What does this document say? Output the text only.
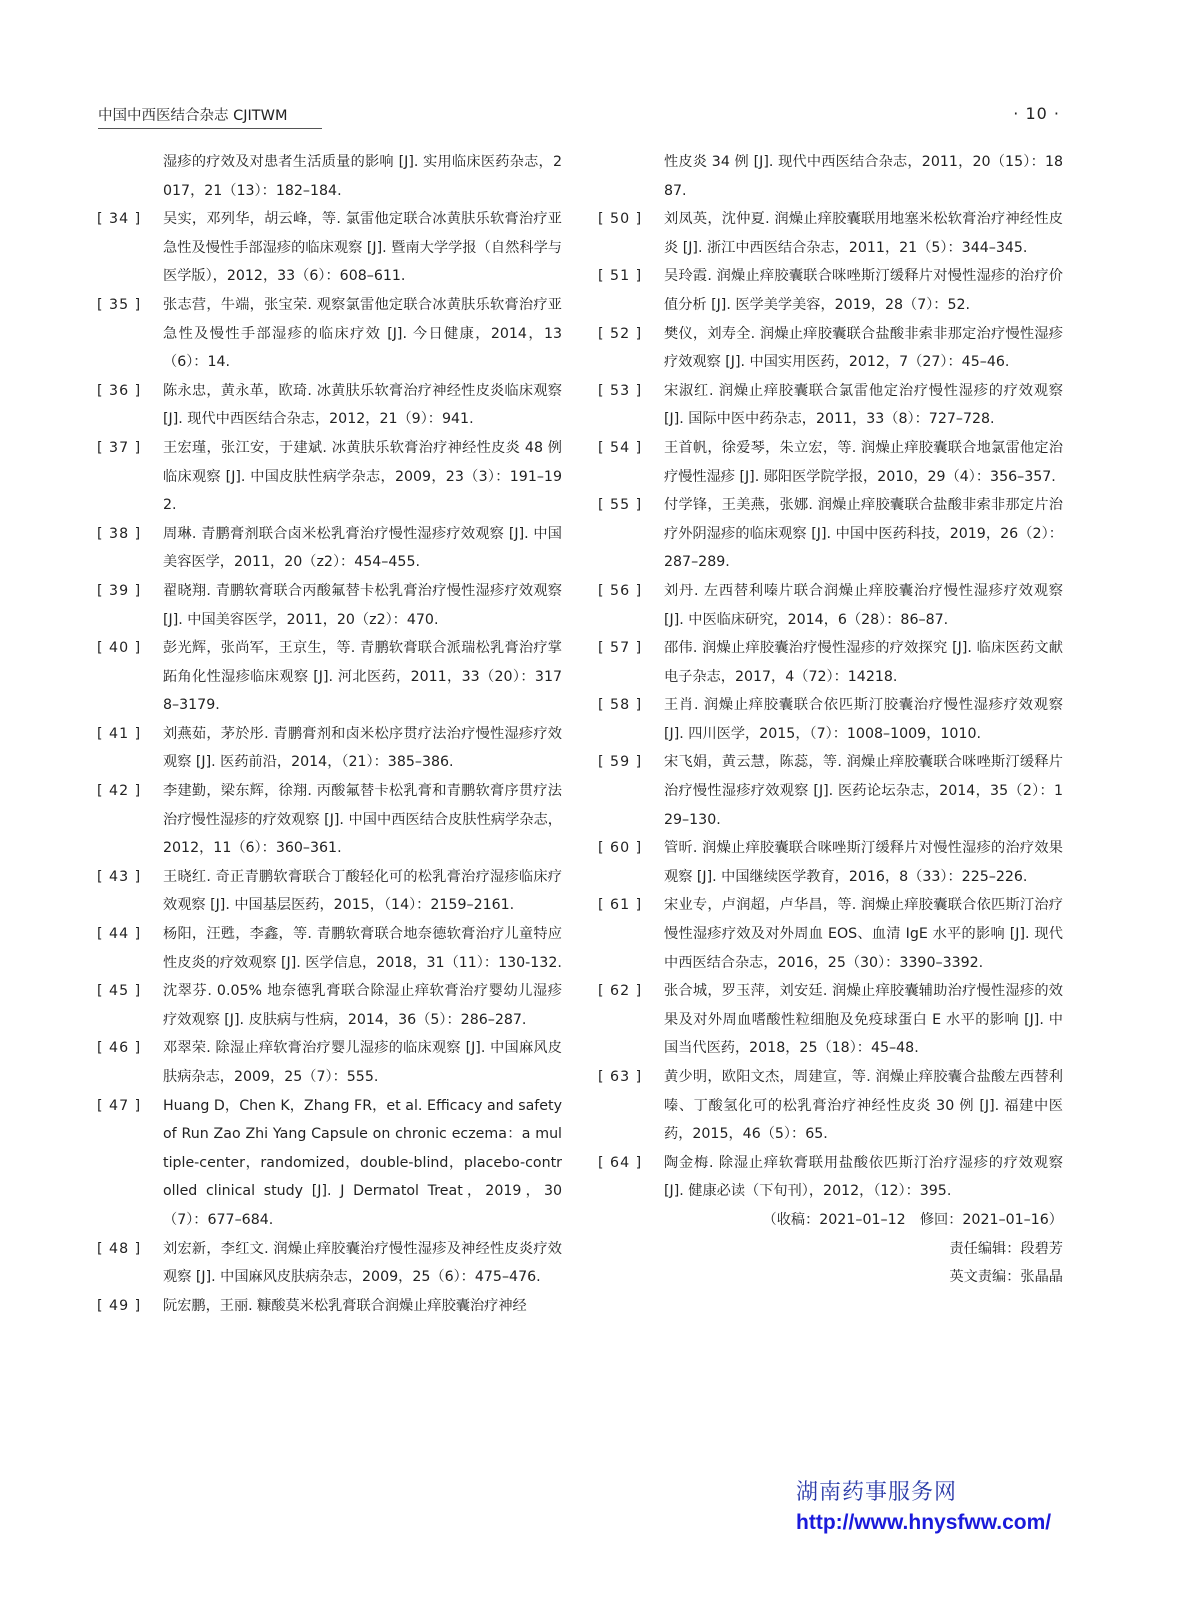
中国中西医结合杂志 CJITWM	· 10 ·
湿疹的疗效及对患者生活质量的影响 [J]. 实用临床医药杂志，2017，21（13）：182–184.
[ 34 ]	吴实，邓列华，胡云峰，等. 氯雷他定联合冰黄肤乐软膏治疗亚急性及慢性手部湿疹的临床观察 [J]. 暨南大学学报（自然科学与医学版），2012，33（6）：608–611.
[ 35 ]	张志营，牛端，张宝荣. 观察氯雷他定联合冰黄肤乐软膏治疗亚急性及慢性手部湿疹的临床疗效 [J]. 今日健康，2014，13（6）：14.
[ 36 ]	陈永忠，黄永革，欧琦. 冰黄肤乐软膏治疗神经性皮炎临床观察 [J]. 现代中西医结合杂志，2012，21（9）：941.
[ 37 ]	王宏瑾，张江安，于建斌. 冰黄肤乐软膏治疗神经性皮炎 48 例临床观察 [J]. 中国皮肤性病学杂志，2009，23（3）：191–192.
[ 38 ]	周琳. 青鹏膏剂联合卤米松乳膏治疗慢性湿疹疗效观察 [J]. 中国美容医学，2011，20（z2）：454–455.
[ 39 ]	翟晓翔. 青鹏软膏联合丙酸氟替卡松乳膏治疗慢性湿疹疗效观察 [J]. 中国美容医学，2011，20（z2）：470.
[ 40 ]	彭光辉，张尚军，王京生，等. 青鹏软膏联合派瑞松乳膏治疗掌跖角化性湿疹临床观察 [J]. 河北医药，2011，33（20）：3178–3179.
[ 41 ]	刘燕茹，茅於彤. 青鹏膏剂和卤米松序贯疗法治疗慢性湿疹疗效观察 [J]. 医药前沿，2014，（21）：385–386.
[ 42 ]	李建勤，梁东辉，徐翔. 丙酸氟替卡松乳膏和青鹏软膏序贯疗法治疗慢性湿疹的疗效观察 [J]. 中国中西医结合皮肤性病学杂志，2012，11（6）：360–361.
[ 43 ]	王晓红. 奇正青鹏软膏联合丁酸轻化可的松乳膏治疗湿疹临床疗效观察 [J]. 中国基层医药，2015，（14）：2159–2161.
[ 44 ]	杨阳，汪甦，李鑫，等. 青鹏软膏联合地奈德软膏治疗儿童特应性皮炎的疗效观察 [J]. 医学信息，2018，31（11）：130-132.
[ 45 ]	沈翠芬. 0.05% 地奈德乳膏联合除湿止痒软膏治疗婴幼儿湿疹疗效观察 [J]. 皮肤病与性病，2014，36（5）：286–287.
[ 46 ]	邓翠荣. 除湿止痒软膏治疗婴儿湿疹的临床观察 [J]. 中国麻风皮肤病杂志，2009，25（7）：555.
[ 47 ]	Huang D，Chen K，Zhang FR，et al. Efficacy and safety of Run Zao Zhi Yang Capsule on chronic eczema：a multiple-center，randomized，double-blind，placebo-controlled clinical study [J]. J Dermatol Treat，2019，30（7）：677–684.
[ 48 ]	刘宏新，李红文. 润燥止痒胶囊治疗慢性湿疹及神经性皮炎疗效观察 [J]. 中国麻风皮肤病杂志，2009，25（6）：475–476.
[ 49 ]	阮宏鹏，王丽. 糠酸莫米松乳膏联合润燥止痒胶囊治疗神经
性皮炎 34 例 [J]. 现代中西医结合杂志，2011，20（15）：1887.
[ 50 ]	刘凤英，沈仲夏. 润燥止痒胶囊联用地塞米松软膏治疗神经性皮炎 [J]. 浙江中西医结合杂志，2011，21（5）：344–345.
[ 51 ]	吴玲霞. 润燥止痒胶囊联合咪唑斯汀缓释片对慢性湿疹的治疗价值分析 [J]. 医学美学美容，2019，28（7）：52.
[ 52 ]	樊仪，刘寿全. 润燥止痒胶囊联合盐酸非索非那定治疗慢性湿疹疗效观察 [J]. 中国实用医药，2012，7（27）：45–46.
[ 53 ]	宋淑红. 润燥止痒胶囊联合氯雷他定治疗慢性湿疹的疗效观察 [J]. 国际中医中药杂志，2011，33（8）：727–728.
[ 54 ]	王首帆，徐爱琴，朱立宏，等. 润燥止痒胶囊联合地氯雷他定治疗慢性湿疹 [J]. 郧阳医学院学报，2010，29（4）：356–357.
[ 55 ]	付学锋，王美燕，张娜. 润燥止痒胶囊联合盐酸非索非那定片治疗外阴湿疹的临床观察 [J]. 中国中医药科技，2019，26（2）：287–289.
[ 56 ]	刘丹. 左西替利嗪片联合润燥止痒胶囊治疗慢性湿疹疗效观察 [J]. 中医临床研究，2014，6（28）：86–87.
[ 57 ]	邵伟. 润燥止痒胶囊治疗慢性湿疹的疗效探究 [J]. 临床医药文献电子杂志，2017，4（72）：14218.
[ 58 ]	王肖. 润燥止痒胶囊联合依匹斯汀胶囊治疗慢性湿疹疗效观察 [J]. 四川医学，2015，（7）：1008–1009，1010.
[ 59 ]	宋飞娟，黄云慧，陈蕊，等. 润燥止痒胶囊联合咪唑斯汀缓释片治疗慢性湿疹疗效观察 [J]. 医药论坛杂志，2014，35（2）：129–130.
[ 60 ]	管昕. 润燥止痒胶囊联合咪唑斯汀缓释片对慢性湿疹的治疗效果观察 [J]. 中国继续医学教育，2016，8（33）：225–226.
[ 61 ]	宋业专，卢润超，卢华昌，等. 润燥止痒胶囊联合依匹斯汀治疗慢性湿疹疗效及对外周血 EOS、血清 IgE 水平的影响 [J]. 现代中西医结合杂志，2016，25（30）：3390–3392.
[ 62 ]	张合城，罗玉萍，刘安廷. 润燥止痒胶囊辅助治疗慢性湿疹的效果及对外周血嗜酸性粒细胞及免疫球蛋白 E 水平的影响 [J]. 中国当代医药，2018，25（18）：45–48.
[ 63 ]	黄少明，欧阳文杰，周建宣，等. 润燥止痒胶囊合盐酸左西替利嗪、丁酸氢化可的松乳膏治疗神经性皮炎 30 例 [J]. 福建中医药，2015，46（5）：65.
[ 64 ]	陶金梅. 除湿止痒软膏联用盐酸依匹斯汀治疗湿疹的疗效观察 [J]. 健康必读（下旬刊），2012，（12）：395.
（收稿：2021–01–12　修回：2021–01–16）
责任编辑：段碧芳
英文责编：张晶晶
湖南药事服务网
http://www.hnysfww.com/
